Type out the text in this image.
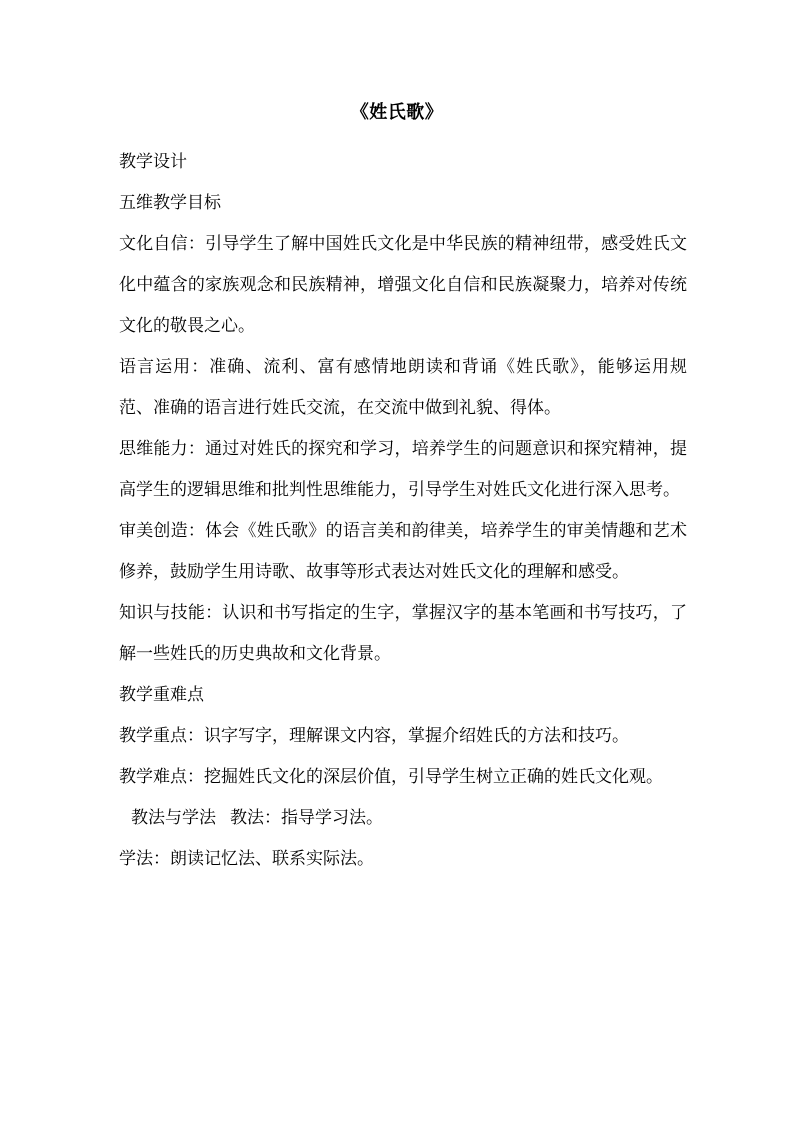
《姓氏歌》

教学设计

五维教学目标

文化自信：引导学生了解中国姓氏文化是中华民族的精神纽带，感受姓氏文化中蕴含的家族观念和民族精神，增强文化自信和民族凝聚力，培养对传统文化的敬畏之心。

语言运用：准确、流利、富有感情地朗读和背诵《姓氏歌》，能够运用规范、准确的语言进行姓氏交流，在交流中做到礼貌、得体。

思维能力：通过对姓氏的探究和学习，培养学生的问题意识和探究精神，提高学生的逻辑思维和批判性思维能力，引导学生对姓氏文化进行深入思考。

审美创造：体会《姓氏歌》的语言美和韵律美，培养学生的审美情趣和艺术修养，鼓励学生用诗歌、故事等形式表达对姓氏文化的理解和感受。

知识与技能：认识和书写指定的生字，掌握汉字的基本笔画和书写技巧，了解一些姓氏的历史典故和文化背景。

教学重难点

教学重点：识字写字，理解课文内容，掌握介绍姓氏的方法和技巧。

教学难点：挖掘姓氏文化的深层价值，引导学生树立正确的姓氏文化观。

教法与学法 教法：指导学习法。

学法：朗读记忆法、联系实际法。
